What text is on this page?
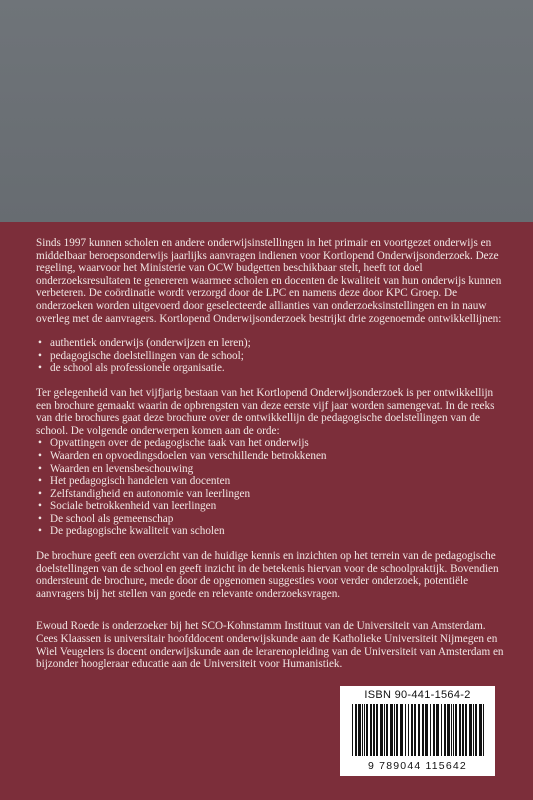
Sinds 1997 kunnen scholen en andere onderwijsinstellingen in het primair en voortgezet onderwijs en middelbaar beroepsonderwijs jaarlijks aanvragen indienen voor Kortlopend Onderwijsonderzoek. Deze regeling, waarvoor het Ministerie van OCW budgetten beschikbaar stelt, heeft tot doel onderzoeksresultaten te genereren waarmee scholen en docenten de kwaliteit van hun onderwijs kunnen verbeteren. De coördinatie wordt verzorgd door de LPC en namens deze door KPC Groep. De onderzoeken worden uitgevoerd door geselecteerde allianties van onderzoeksinstellingen en in nauw overleg met de aanvragers. Kortlopend Onderwijsonderzoek bestrijkt drie zogenoemde ontwikkellijnen:

• authentiek onderwijs (onderwijzen en leren);
• pedagogische doelstellingen van de school;
• de school als professionele organisatie.

Ter gelegenheid van het vijfjarig bestaan van het Kortlopend Onderwijsonderzoek is per ontwikkellijn een brochure gemaakt waarin de opbrengsten van deze eerste vijf jaar worden samengevat. In de reeks van drie brochures gaat deze brochure over de ontwikkellijn de pedagogische doelstellingen van de school. De volgende onderwerpen komen aan de orde:

• Opvattingen over de pedagogische taak van het onderwijs
• Waarden en opvoedingsdoelen van verschillende betrokkenen
• Waarden en levensbeschouwing
• Het pedagogisch handelen van docenten
• Zelfstandigheid en autonomie van leerlingen
• Sociale betrokkenheid van leerlingen
• De school als gemeenschap
• De pedagogische kwaliteit van scholen

De brochure geeft een overzicht van de huidige kennis en inzichten op het terrein van de pedagogische doelstellingen van de school en geeft inzicht in de betekenis hiervan voor de schoolpraktijk. Bovendien ondersteunt de brochure, mede door de opgenomen suggesties voor verder onderzoek, potentiële aanvragers bij het stellen van goede en relevante onderzoeksvragen.

Ewoud Roede is onderzoeker bij het SCO-Kohnstamm Instituut van de Universiteit van Amsterdam. Cees Klaassen is universitair hoofddocent onderwijskunde aan de Katholieke Universiteit Nijmegen en Wiel Veugelers is docent onderwijskunde aan de lerarenopleiding van de Universiteit van Amsterdam en bijzonder hoogleraar educatie aan de Universiteit voor Humanistiek.

ISBN 90-441-1564-2
9 789044 115642
